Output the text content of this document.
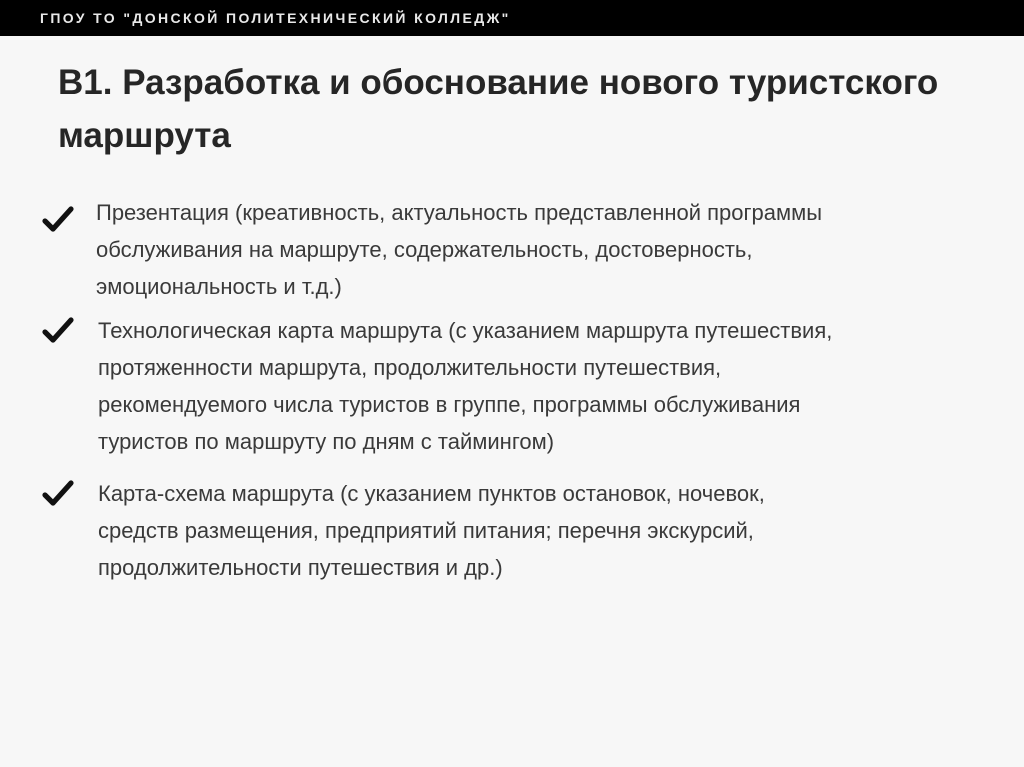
ГПОУ ТО "ДОНСКОЙ ПОЛИТЕХНИЧЕСКИЙ КОЛЛЕДЖ"
В1. Разработка и обоснование нового туристского маршрута
Презентация (креативность, актуальность представленной программы
обслуживания на маршруте, содержательность, достоверность,
эмоциональность и т.д.)
Технологическая карта маршрута (с указанием маршрута путешествия,
протяженности маршрута, продолжительности путешествия,
рекомендуемого числа туристов в группе, программы обслуживания
туристов по маршруту по дням с таймингом)
Карта-схема маршрута (с указанием пунктов остановок, ночевок,
средств размещения, предприятий питания; перечня экскурсий,
продолжительности путешествия и др.)
